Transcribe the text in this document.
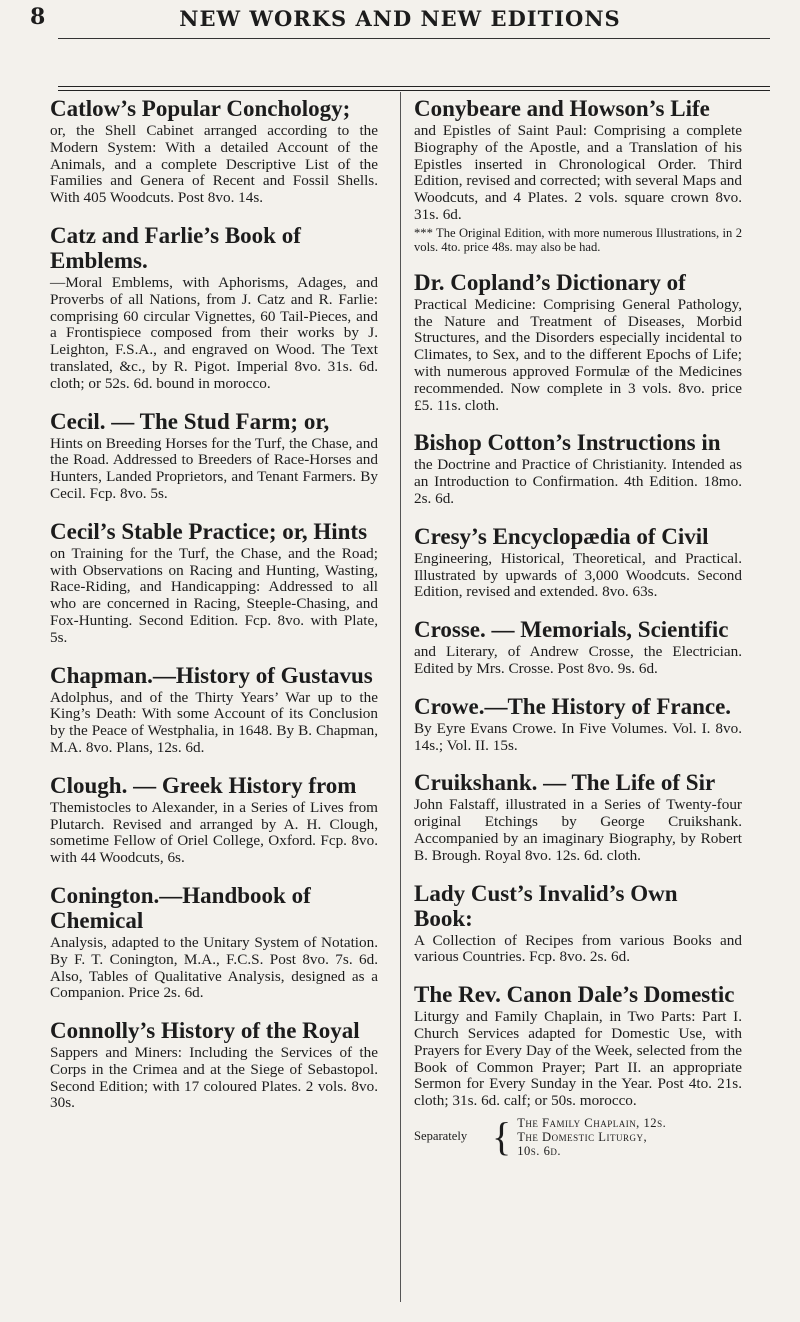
8	NEW WORKS AND NEW EDITIONS

Catlow’s Popular Conchology;

or, the Shell Cabinet arranged according to the Modern System: With a detailed Account of the Animals, and a complete Descriptive List of the Families and Genera of Recent and Fossil Shells. With 405 Woodcuts. Post 8vo. 14s.

Catz and Farlie’s Book of Emblems.

—Moral Emblems, with Aphorisms, Adages, and Proverbs of all Nations, from J. Catz and R. Farlie: comprising 60 circular Vignettes, 60 Tail-Pieces, and a Frontispiece composed from their works by J. Leighton, F.S.A., and engraved on Wood. The Text translated, &c., by R. Pigot. Imperial 8vo. 31s. 6d. cloth; or 52s. 6d. bound in morocco.

Cecil. — The Stud Farm; or,

Hints on Breeding Horses for the Turf, the Chase, and the Road. Addressed to Breeders of Race-Horses and Hunters, Landed Proprietors, and Tenant Farmers. By Cecil. Fcp. 8vo. 5s.

Cecil’s Stable Practice; or, Hints

on Training for the Turf, the Chase, and the Road; with Observations on Racing and Hunting, Wasting, Race-Riding, and Handicapping: Addressed to all who are concerned in Racing, Steeple-Chasing, and Fox-Hunting. Second Edition. Fcp. 8vo. with Plate, 5s.

Chapman.—History of Gustavus

Adolphus, and of the Thirty Years’ War up to the King’s Death: With some Account of its Conclusion by the Peace of Westphalia, in 1648. By B. Chapman, M.A. 8vo. Plans, 12s. 6d.

Clough. — Greek History from

Themistocles to Alexander, in a Series of Lives from Plutarch. Revised and arranged by A. H. Clough, sometime Fellow of Oriel College, Oxford. Fcp. 8vo. with 44 Woodcuts, 6s.

Conington.—Handbook of Chemical

Analysis, adapted to the Unitary System of Notation. By F. T. Conington, M.A., F.C.S. Post 8vo. 7s. 6d. Also, Tables of Qualitative Analysis, designed as a Companion. Price 2s. 6d.

Connolly’s History of the Royal

Sappers and Miners: Including the Services of the Corps in the Crimea and at the Siege of Sebastopol. Second Edition; with 17 coloured Plates. 2 vols. 8vo. 30s.

Conybeare and Howson’s Life

and Epistles of Saint Paul: Comprising a complete Biography of the Apostle, and a Translation of his Epistles inserted in Chronological Order. Third Edition, revised and corrected; with several Maps and Woodcuts, and 4 Plates. 2 vols. square crown 8vo. 31s. 6d.

*** The Original Edition, with more numerous Illustrations, in 2 vols. 4to. price 48s. may also be had.

Dr. Copland’s Dictionary of

Practical Medicine: Comprising General Pathology, the Nature and Treatment of Diseases, Morbid Structures, and the Disorders especially incidental to Climates, to Sex, and to the different Epochs of Life; with numerous approved Formulæ of the Medicines recommended. Now complete in 3 vols. 8vo. price £5. 11s. cloth.

Bishop Cotton’s Instructions in

the Doctrine and Practice of Christianity. Intended as an Introduction to Confirmation. 4th Edition. 18mo. 2s. 6d.

Cresy’s Encyclopædia of Civil

Engineering, Historical, Theoretical, and Practical. Illustrated by upwards of 3,000 Woodcuts. Second Edition, revised and extended. 8vo. 63s.

Crosse. — Memorials, Scientific

and Literary, of Andrew Crosse, the Electrician. Edited by Mrs. Crosse. Post 8vo. 9s. 6d.

Crowe.—The History of France.

By Eyre Evans Crowe. In Five Volumes. Vol. I. 8vo. 14s.; Vol. II. 15s.

Cruikshank. — The Life of Sir

John Falstaff, illustrated in a Series of Twenty-four original Etchings by George Cruikshank. Accompanied by an imaginary Biography, by Robert B. Brough. Royal 8vo. 12s. 6d. cloth.

Lady Cust’s Invalid’s Own Book:

A Collection of Recipes from various Books and various Countries. Fcp. 8vo. 2s. 6d.

The Rev. Canon Dale’s Domestic

Liturgy and Family Chaplain, in Two Parts: Part I. Church Services adapted for Domestic Use, with Prayers for Every Day of the Week, selected from the Book of Common Prayer; Part II. an appropriate Sermon for Every Sunday in the Year. Post 4to. 21s. cloth; 31s. 6d. calf; or 50s. morocco.

Separately { The Family Chaplain, 12s.
The Domestic Liturgy,
10s. 6d.
